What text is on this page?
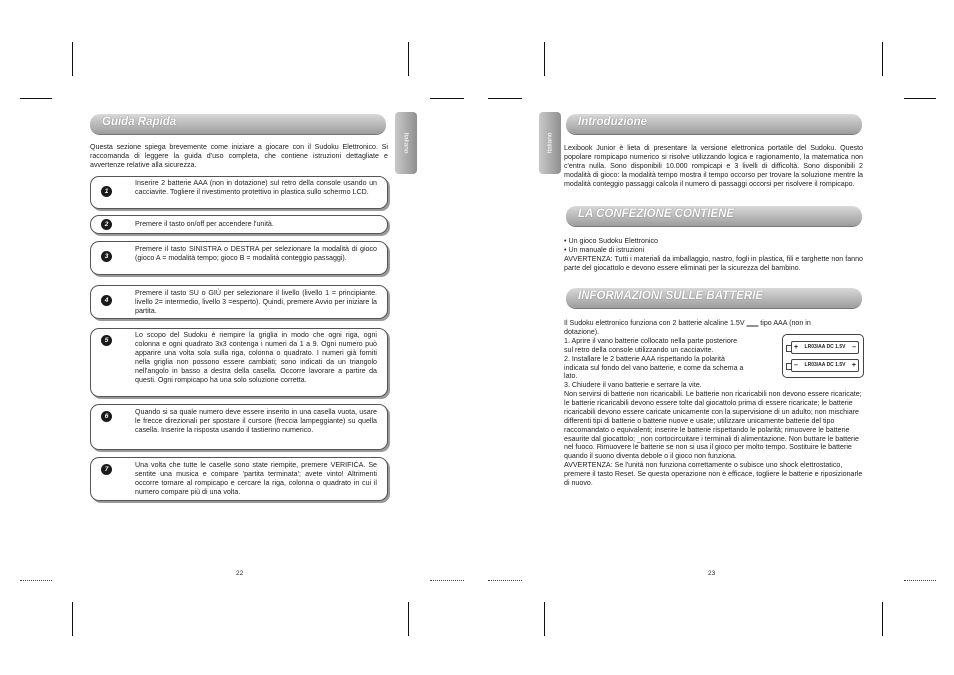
Guida Rapida
Italiano
Questa sezione spiega brevemente come iniziare a giocare con il Sudoku Elettronico. Si raccomanda di leggere la guida d'uso completa, che contiene istruzioni dettagliate e avvertenze relative alla sicurezza.
1
Inserire 2 batterie AAA (non in dotazione) sul retro della console usando un cacciavite. Togliere il rivestimento protettivo in plastica sullo schermo LCD.
2	Premere il tasto on/off per accendere l'unità.
3
Premere il tasto SINISTRA o DESTRA per selezionare la modalità di gioco (gioco A = modalità tempo; gioco B = modalità conteggio passaggi).
4
Premere il tasto SU o GIÙ per selezionare il livello (livello 1 = principiante. livello 2= intermedio, livello 3 =esperto). Quindi, premere Avvio per iniziare la partita.
5
Lo scopo del Sudoku è riempire la griglia in modo che ogni riga, ogni colonna e ogni quadrato 3x3 contenga i numeri da 1 a 9. Ogni numero può apparire una volta sola sulla riga, colonna o quadrato. I numeri già forniti nella griglia non possono essere cambiati; sono indicati da un triangolo nell'angolo in basso a destra della casella. Occorre lavorare a partire da questi. Ogni rompicapo ha una solo soluzione corretta.
6
Quando si sa quale numero deve essere inserito in una casella vuota, usare le frecce direzionali per spostare il cursore (freccia lampeggiante) su quella casella. Inserire la risposta usando il tastierino numerico.
7
Una volta che tutte le caselle sono state riempite, premere VERIFICA. Se sentite una musica e compare 'partita terminata'; avete vinto! Altrimenti occorre tornare al rompicapo e cercare la riga, colonna o quadrato in cui il numero compare più di una volta.
22
Italiano
Introduzione
Lexibook Junior è lieta di presentare la versione elettronica portatile del Sudoku. Questo popolare rompicapo numerico si risolve utilizzando logica e ragionamento, la matematica non c'entra nulla. Sono disponibili 10.000 rompicapi e 3 livelli di difficoltà. Sono disponibili 2 modalità di gioco: la modalità tempo mostra il tempo occorso per trovare la soluzione mentre la modalità conteggio passaggi calcola il numero di passaggi occorsi per risolvere il rompicapo.
LA CONFEZIONE CONTIENE
• Un gioco Sudoku Elettronico
• Un manuale di istruzioni
AVVERTENZA: Tutti i materiali da imballaggio, nastro, fogli in plastica, fili e targhette non fanno parte del giocattolo e devono essere eliminati per la sicurezza del bambino.
INFORMAZIONI SULLE BATTERIE
Il Sudoku elettronico funziona con 2 batterie alcaline 1.5V ‗‗‗ tipo AAA (non in
dotazione).
1. Aprire il vano batterie collocato nella parte posteriore
sul retro della console utilizzando un cacciavite.
2. Installare le 2 batterie AAA rispettando la polarità
indicata sul fondo del vano batterie, e come da schema a
lato.
3. Chiudere il vano batterie e serrare la vite.
Non servirsi di batterie non ricaricabili. Le batterie non ricaricabili non devono essere ricaricate; le batterie ricaricabili devono essere tolte dal giocattolo prima di essere ricaricate; le batterie ricaricabili devono essere caricate unicamente con la supervisione di un adulto; non mischiare differenti tipi di batterie o batterie nuove e usate; utilizzare unicamente batterie del tipo raccomandato o equivalenti; inserire le batterie rispettando le polarità; rimuovere le batterie esaurite dal giocattolo; _non cortocircuitare i terminali di alimentazione. Non buttare le batterie nel fuoco. Rimuovere le batterie se non si usa il gioco per molto tempo. Sostituire le batterie quando il suono diventa debole o il gioco non funziona.
AVVERTENZA: Se l'unità non funziona correttamente o subisce uno shock elettrostatico, premere il tasto Reset. Se questa operazione non è efficace, togliere le batterie e riposizionarle di nuovo.
+ LR03/AA DC 1.5V –
– LR03/AA DC 1.5V +
23
